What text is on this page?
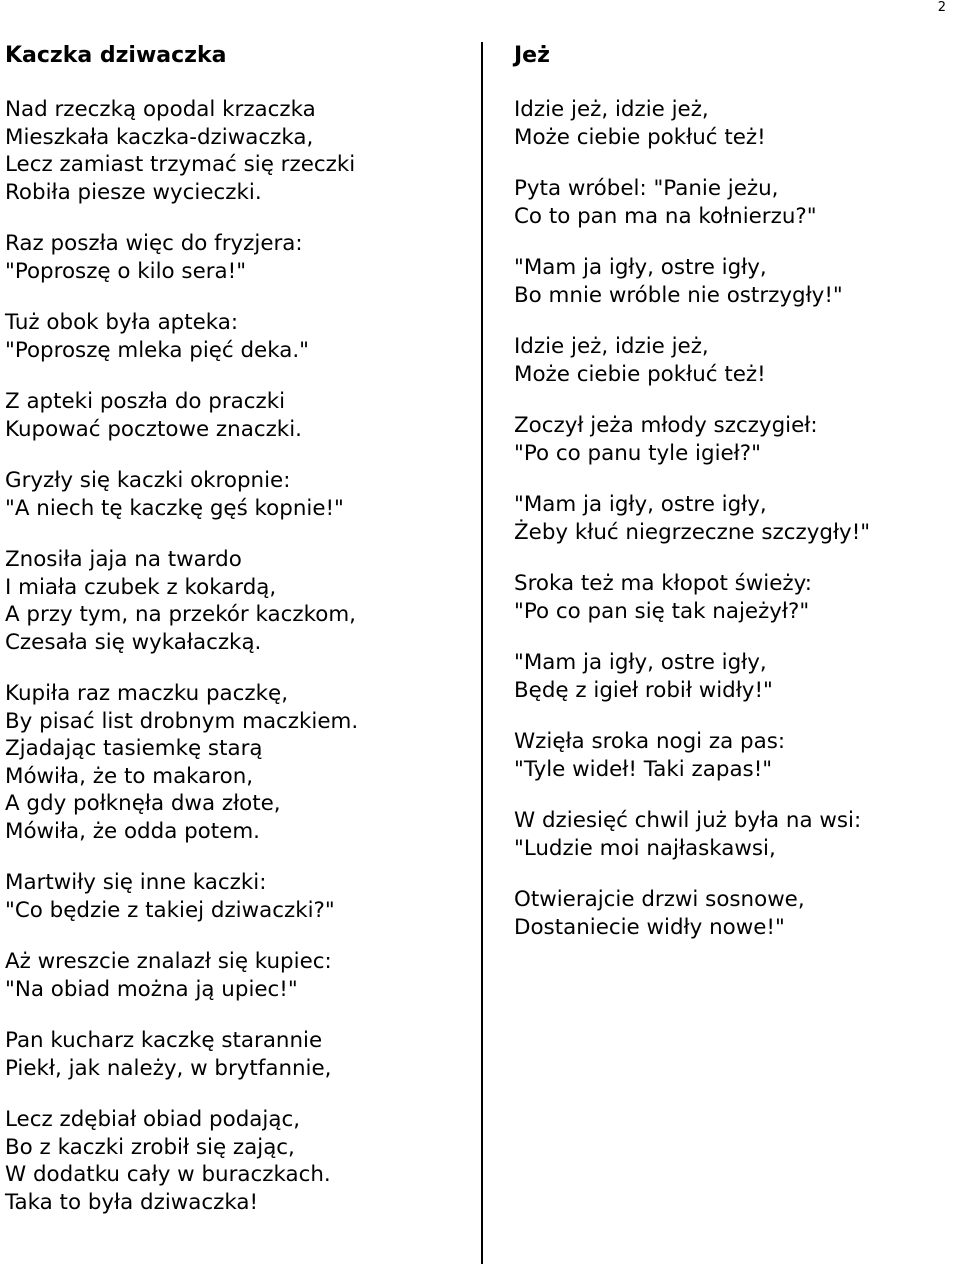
2
Kaczka dziwaczka
Nad rzeczką opodal krzaczka
Mieszkała kaczka-dziwaczka,
Lecz zamiast trzymać się rzeczki
Robiła piesze wycieczki.
Raz poszła więc do fryzjera:
"Poproszę o kilo sera!"
Tuż obok była apteka:
"Poproszę mleka pięć deka."
Z apteki poszła do praczki
Kupować pocztowe znaczki.
Gryzły się kaczki okropnie:
"A niech tę kaczkę gęś kopnie!"
Znosiła jaja na twardo
I miała czubek z kokardą,
A przy tym, na przekór kaczkom,
Czesała się wykałaczką.
Kupiła raz maczku paczkę,
By pisać list drobnym maczkiem.
Zjadając tasiemkę starą
Mówiła, że to makaron,
A gdy połknęła dwa złote,
Mówiła, że odda potem.
Martwiły się inne kaczki:
"Co będzie z takiej dziwaczki?"
Aż wreszcie znalazł się kupiec:
"Na obiad można ją upiec!"
Pan kucharz kaczkę starannie
Piekł, jak należy, w brytfannie,
Lecz zdębiał obiad podając,
Bo z kaczki zrobił się zając,
W dodatku cały w buraczkach.
Taka to była dziwaczka!
Jeż
Idzie jeż, idzie jeż,
Może ciebie pokłuć też!
Pyta wróbel: "Panie jeżu,
Co to pan ma na kołnierzu?"
"Mam ja igły, ostre igły,
Bo mnie wróble nie ostrzygły!"
Idzie jeż, idzie jeż,
Może ciebie pokłuć też!
Zoczył jeża młody szczygieł:
"Po co panu tyle igieł?"
"Mam ja igły, ostre igły,
Żeby kłuć niegrzeczne szczygły!"
Sroka też ma kłopot świeży:
"Po co pan się tak najeżył?"
"Mam ja igły, ostre igły,
Będę z igieł robił widły!"
Wzięła sroka nogi za pas:
"Tyle wideł! Taki zapas!"
W dziesięć chwil już była na wsi:
"Ludzie moi najłaskawsi,
Otwierajcie drzwi sosnowe,
Dostaniecie widły nowe!"
